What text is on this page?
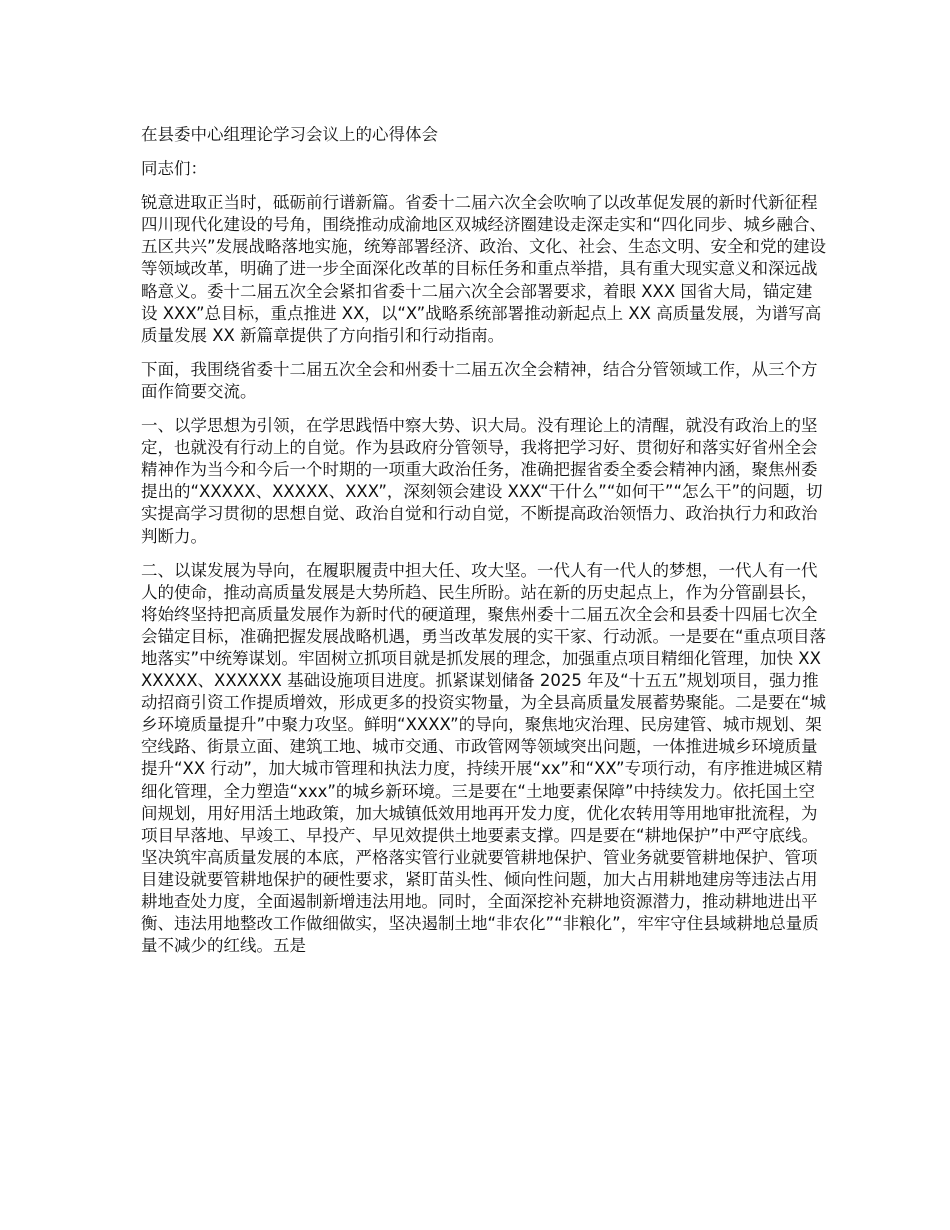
在县委中心组理论学习会议上的心得体会

同志们：

锐意进取正当时，砥砺前行谱新篇。省委十二届六次全会吹响了以改革促发展的新时代新征程四川现代化建设的号角，围绕推动成渝地区双城经济圈建设走深走实和“四化同步、城乡融合、五区共兴”发展战略落地实施，统筹部署经济、政治、文化、社会、生态文明、安全和党的建设等领域改革，明确了进一步全面深化改革的目标任务和重点举措，具有重大现实意义和深远战略意义。委十二届五次全会紧扣省委十二届六次全会部署要求，着眼 XXX 国省大局，锚定建设 XXX”总目标，重点推进 XX，以“X”战略系统部署推动新起点上 XX 高质量发展，为谱写高质量发展 XX 新篇章提供了方向指引和行动指南。

下面，我围绕省委十二届五次全会和州委十二届五次全会精神，结合分管领域工作，从三个方面作简要交流。

一、以学思想为引领，在学思践悟中察大势、识大局。没有理论上的清醒，就没有政治上的坚定，也就没有行动上的自觉。作为县政府分管领导，我将把学习好、贯彻好和落实好省州全会精神作为当今和今后一个时期的一项重大政治任务，准确把握省委全委会精神内涵，聚焦州委提出的“XXXXX、XXXXX、XXX”，深刻领会建设 XXX“干什么”“如何干”“怎么干”的问题，切实提高学习贯彻的思想自觉、政治自觉和行动自觉，不断提高政治领悟力、政治执行力和政治判断力。

二、以谋发展为导向，在履职履责中担大任、攻大坚。一代人有一代人的梦想，一代人有一代人的使命，推动高质量发展是大势所趋、民生所盼。站在新的历史起点上，作为分管副县长，将始终坚持把高质量发展作为新时代的硬道理，聚焦州委十二届五次全会和县委十四届七次全会锚定目标，准确把握发展战略机遇，勇当改革发展的实干家、行动派。一是要在“重点项目落地落实”中统筹谋划。牢固树立抓项目就是抓发展的理念，加强重点项目精细化管理，加快 XXXXXXX、XXXXXX 基础设施项目进度。抓紧谋划储备 2025 年及“十五五”规划项目，强力推动招商引资工作提质增效，形成更多的投资实物量，为全县高质量发展蓄势聚能。二是要在“城乡环境质量提升”中聚力攻坚。鲜明“XXXX”的导向，聚焦地灾治理、民房建管、城市规划、架空线路、街景立面、建筑工地、城市交通、市政管网等领域突出问题，一体推进城乡环境质量提升“XX 行动”，加大城市管理和执法力度，持续开展“xx”和“XX”专项行动，有序推进城区精细化管理，全力塑造“xxx”的城乡新环境。三是要在“土地要素保障”中持续发力。依托国土空间规划，用好用活土地政策，加大城镇低效用地再开发力度，优化农转用等用地审批流程，为项目早落地、早竣工、早投产、早见效提供土地要素支撑。四是要在“耕地保护”中严守底线。坚决筑牢高质量发展的本底，严格落实管行业就要管耕地保护、管业务就要管耕地保护、管项目建设就要管耕地保护的硬性要求，紧盯苗头性、倾向性问题，加大占用耕地建房等违法占用耕地查处力度，全面遏制新增违法用地。同时，全面深挖补充耕地资源潜力，推动耕地进出平衡、违法用地整改工作做细做实，坚决遏制土地“非农化”“非粮化”，牢牢守住县域耕地总量质量不减少的红线。五是
